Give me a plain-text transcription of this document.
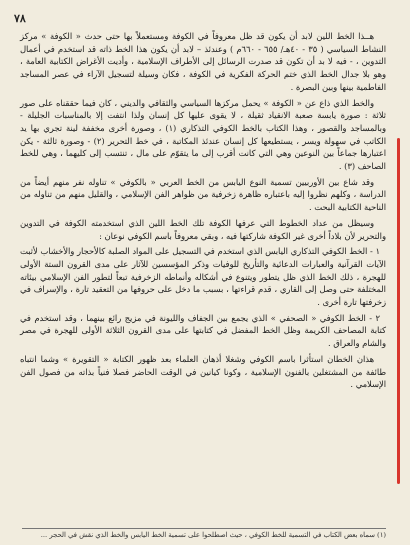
٧٨

هــذا الخط اللين لابد أن يكون قد ظل معروفاً في الكوفة ومستعملاً بها حتى حدث « الكوفة » مركز النشاط السياسي ( ٣٥ - ٤٠هـ/ ٦٥٥ - ٦٦٠م ) وعندئذ – لابد أن يكون هذا الخط ذاته قد استخدم في أعمال التدوين ، - فيه لا بد أن تكون قد صدرت الرسائل إلى الأطراف الإسلامية ، وأديت الأغراض الكتابية العامة ، وهو بلا جدال الخط الذي ختم الحركة الفكرية في الكوفة ، فكان وسيلة لتسجيل الآراء في عصر المساجد الفاطمية بينها وبين البصرة .

والخط الذي ذاع عن « الكوفة » يحمل مركزها السياسي والثقافي والديني ، كان فيما حققناه على صور ثلاثة : صورة يابسة صعبة الانقياد ثقيلة ، لا يقوى عليها كل إنسان ولذا انتفت إلا بالمناسبات الجليلة - وبالمساجد والقصور ، وهذا الكتاب بالخط الكوفي التذكاري (١) ، وصورة أخرى مخففة لينة تجري بها يد الكاتب في سهولة ويسر ، يستطيعها كل إنسان عندئذ المكاتبة ، في خط التحرير (٢) - وصورة ثالثة - يكن اعتبارها جماعاً بين النوعين وهي التي كانت أقرب إلى ما يتقوّم على مال ، تنتسب إلى كليهما ، وهي للخط الصاحف (٣) .

وقد شاع بين الأوربيين تسمية النوع اليابس من الخط العربي « بالكوفي » تناوله نفر منهم أيضاً من الدراسة ، وكلهم نظروا إليه باعتباره ظاهرة زخرفية من ظواهر الفن الإسلامي ، والقليل منهم من تناوله من الناحية الكتابية البحت .

وسيظل من عداد الخطوط التي عرفها الكوفة تلك الخط اللين الذي استخدمته الكوفة في التدوين والتحرير لأن بلاداً أخرى غير الكوفة شاركتها فيه ، وبقي معروفاً باسم الكوفي نوعان :

١ - الخط الكوفي التذكاري اليابس الذي استخدم في التسجيل على المواد الصلبة كالأحجار والأخشاب لأثبت الآيات القرآنية والعبارات الدعائية والتأريخ للوفيات وذكر المؤسسين للآثار على مدى القرون الستة الأولى للهجرة ، ذلك الخط الذي ظل يتطور ويتنوع في أشكاله وأنماطه الزخرفية تبعاً لتطور الفن الإسلامي بيئاته المختلفة حتى وصل إلى القاري ، قدم قراءتها ، بسبب ما دخل على حروفها من التعقيد تارة ، والإسراف في زخرفتها تارة أخرى .

٢ - الخط الكوفي « الصحفي » الذي يجمع بين الجفاف والليونة في مزيج رائع بينهما ، وقد استخدم في كتابة المصاحف الكريمة وظل الخط المفضل في كتابتها على مدى القرون الثلاثة الأولى للهجرة في مصر والشام والعراق .

هذان الخطان استأثرا باسم الكوفي وشغلا أذهان العلماء بعد ظهور الكتابة « التقويرة » وشما انتباه طائفة من المشتغلين بالفنون الإسلامية ، وكونا كيانين في الوقت الحاضر فصلا فنياً بذاته من فصول الفن الإسلامي .

(١) سماه بعض الكتاب في التسمية للخط الكوفي ، حيث اصطلحوا على تسمية الخط اليابس والخط الذي نقش في الحجر ...
